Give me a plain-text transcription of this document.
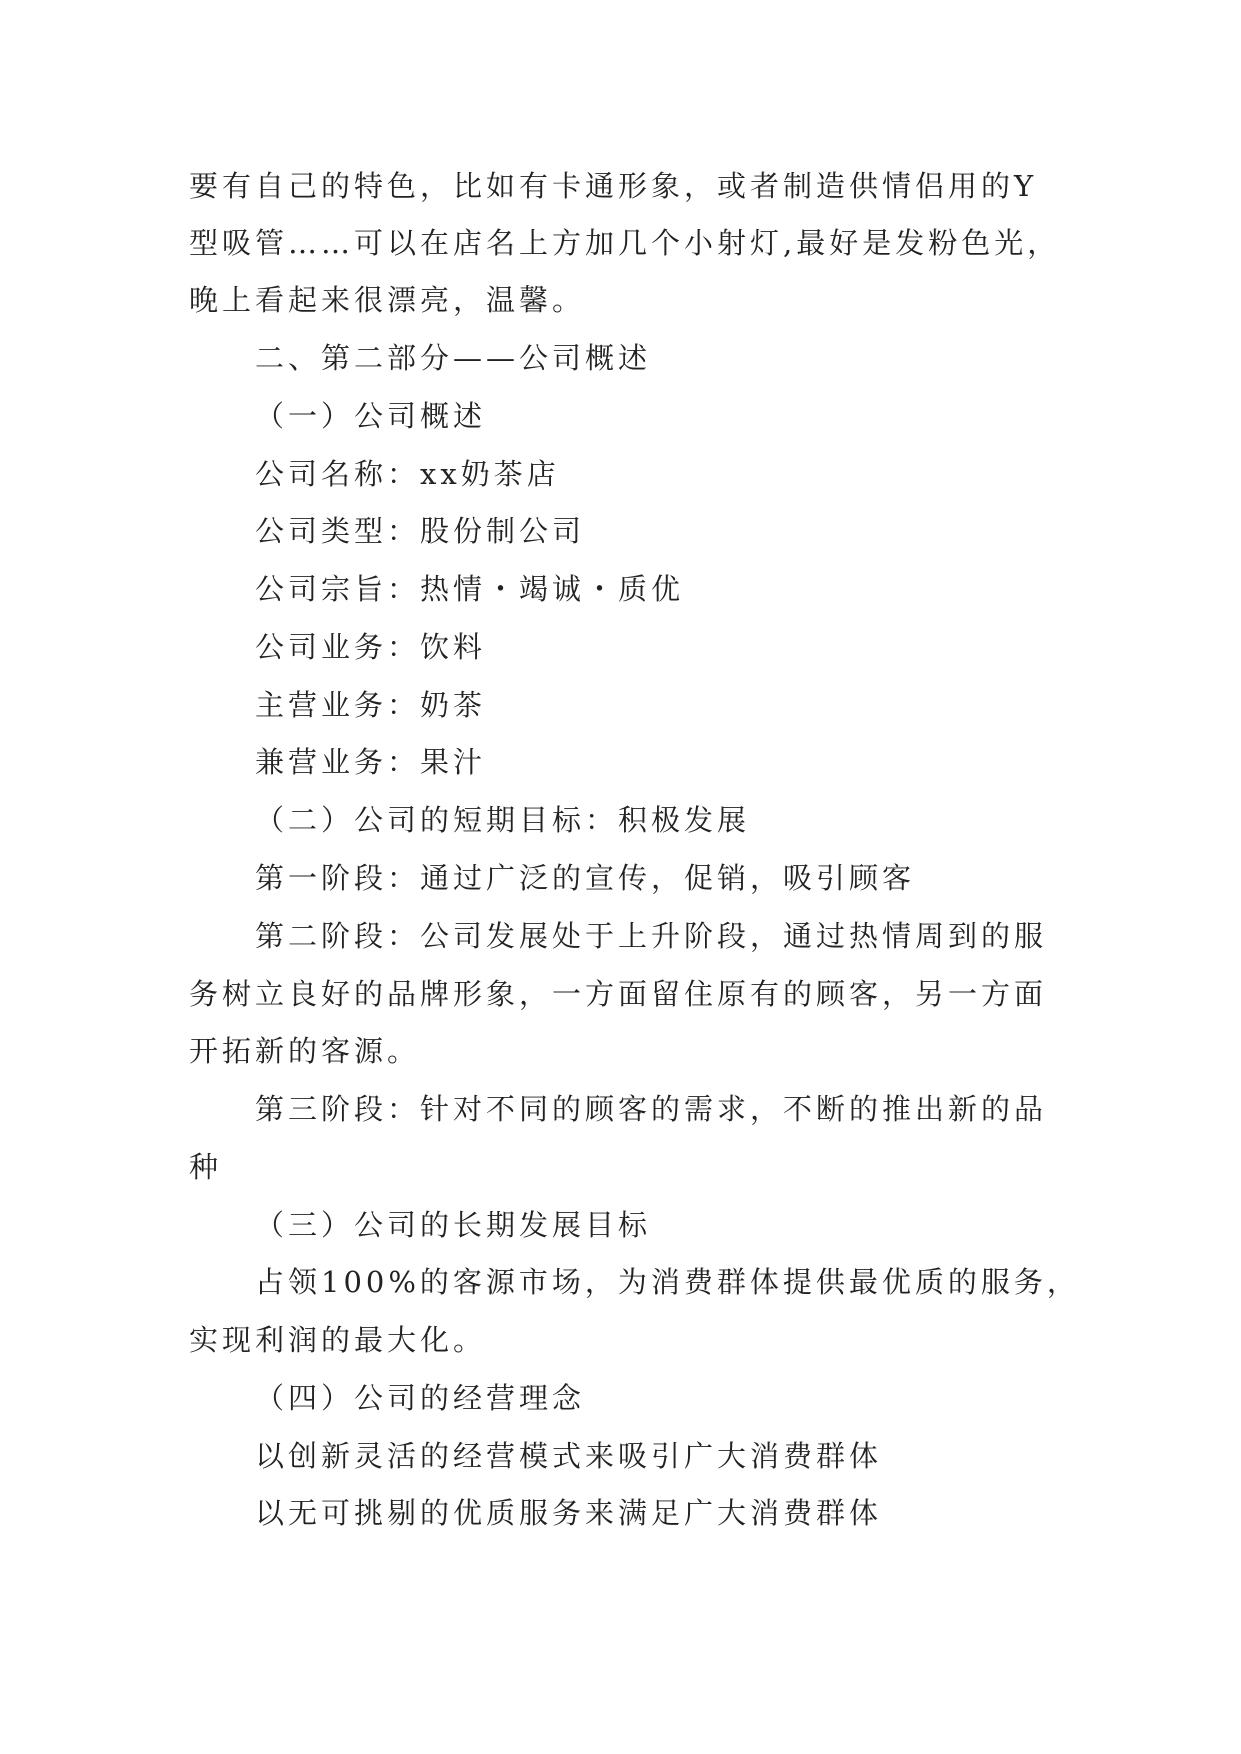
要有自己的特色，比如有卡通形象，或者制造供情侣用的Y
型吸管……可以在店名上方加几个小射灯,最好是发粉色光，
晚上看起来很漂亮，温馨。
二、第二部分——公司概述
（一）公司概述
公司名称：xx奶茶店
公司类型：股份制公司
公司宗旨：热情・竭诚・质优
公司业务：饮料
主营业务：奶茶
兼营业务：果汁
（二）公司的短期目标：积极发展
第一阶段：通过广泛的宣传，促销，吸引顾客
第二阶段：公司发展处于上升阶段，通过热情周到的服
务树立良好的品牌形象，一方面留住原有的顾客，另一方面
开拓新的客源。
第三阶段：针对不同的顾客的需求，不断的推出新的品
种
（三）公司的长期发展目标
占领100%的客源市场，为消费群体提供最优质的服务，
实现利润的最大化。
（四）公司的经营理念
以创新灵活的经营模式来吸引广大消费群体
以无可挑剔的优质服务来满足广大消费群体
